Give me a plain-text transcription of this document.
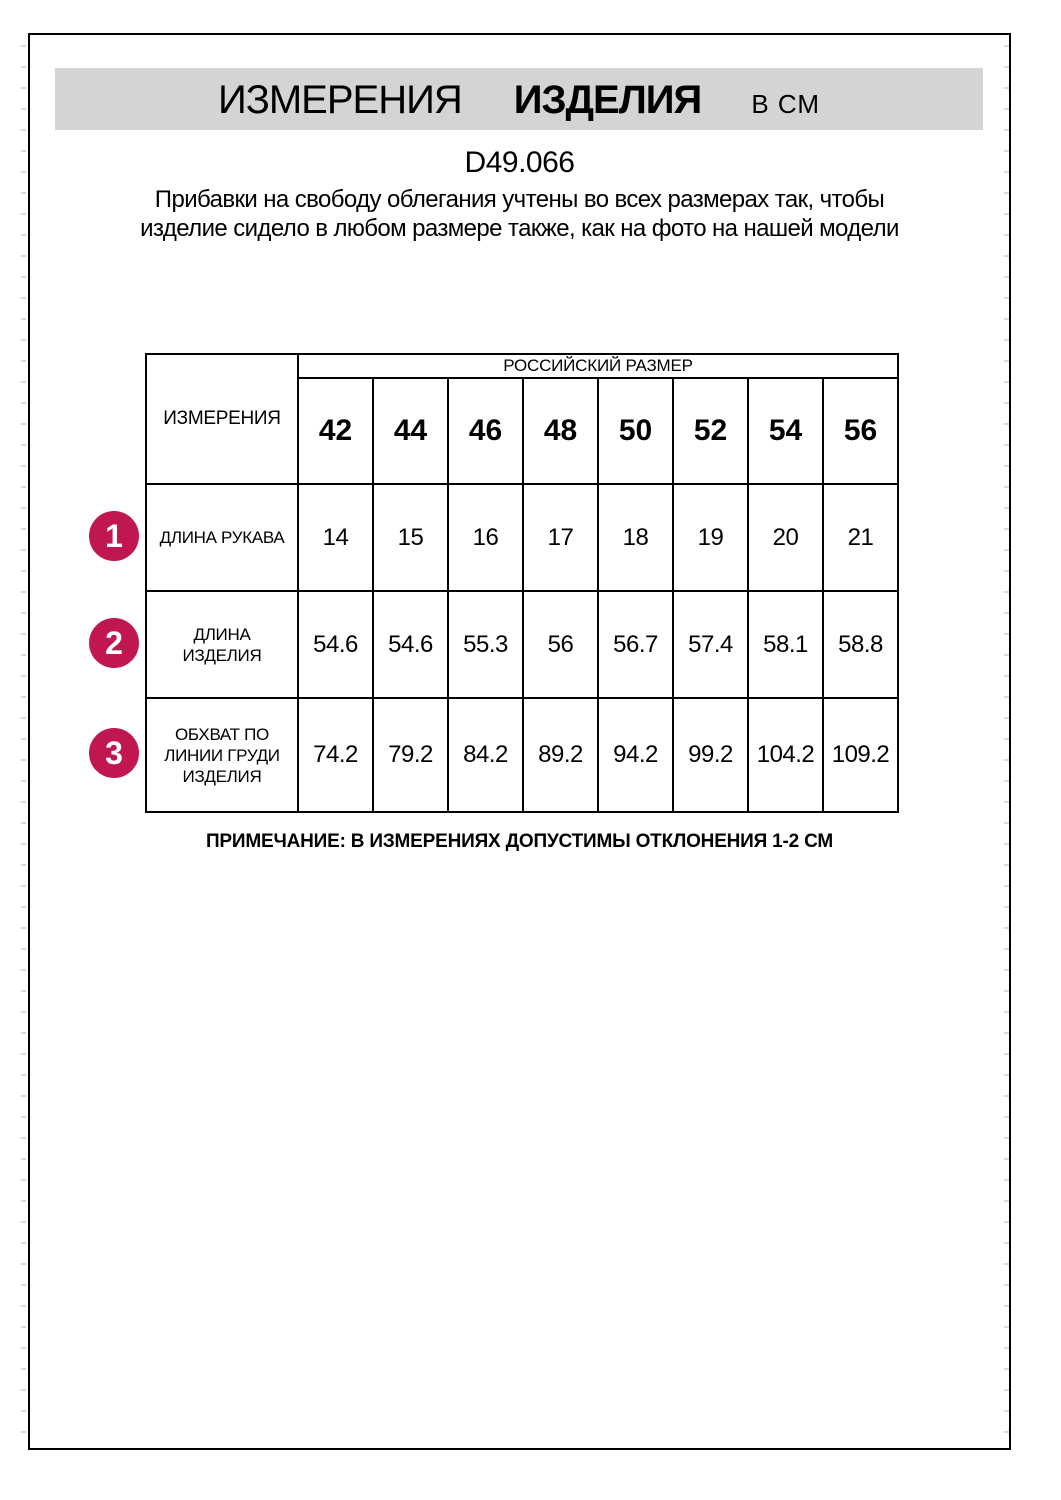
ИЗМЕРЕНИЯ ИЗДЕЛИЯ В СМ
D49.066
Прибавки на свободу облегания учтены во всех размерах так, чтобы изделие сидело в любом размере также, как на фото на нашей модели
ИЗМЕРЕНИЯ	РОССИЙСКИЙ РАЗМЕР							
	42	44	46	48	50	52	54	56
ДЛИНА РУКАВА	14	15	16	17	18	19	20	21
ДЛИНА ИЗДЕЛИЯ	54.6	54.6	55.3	56	56.7	57.4	58.1	58.8
ОБХВАТ ПО ЛИНИИ ГРУДИ ИЗДЕЛИЯ	74.2	79.2	84.2	89.2	94.2	99.2	104.2	109.2
1
2
3
ПРИМЕЧАНИЕ: В ИЗМЕРЕНИЯХ ДОПУСТИМЫ ОТКЛОНЕНИЯ 1-2 СМ
